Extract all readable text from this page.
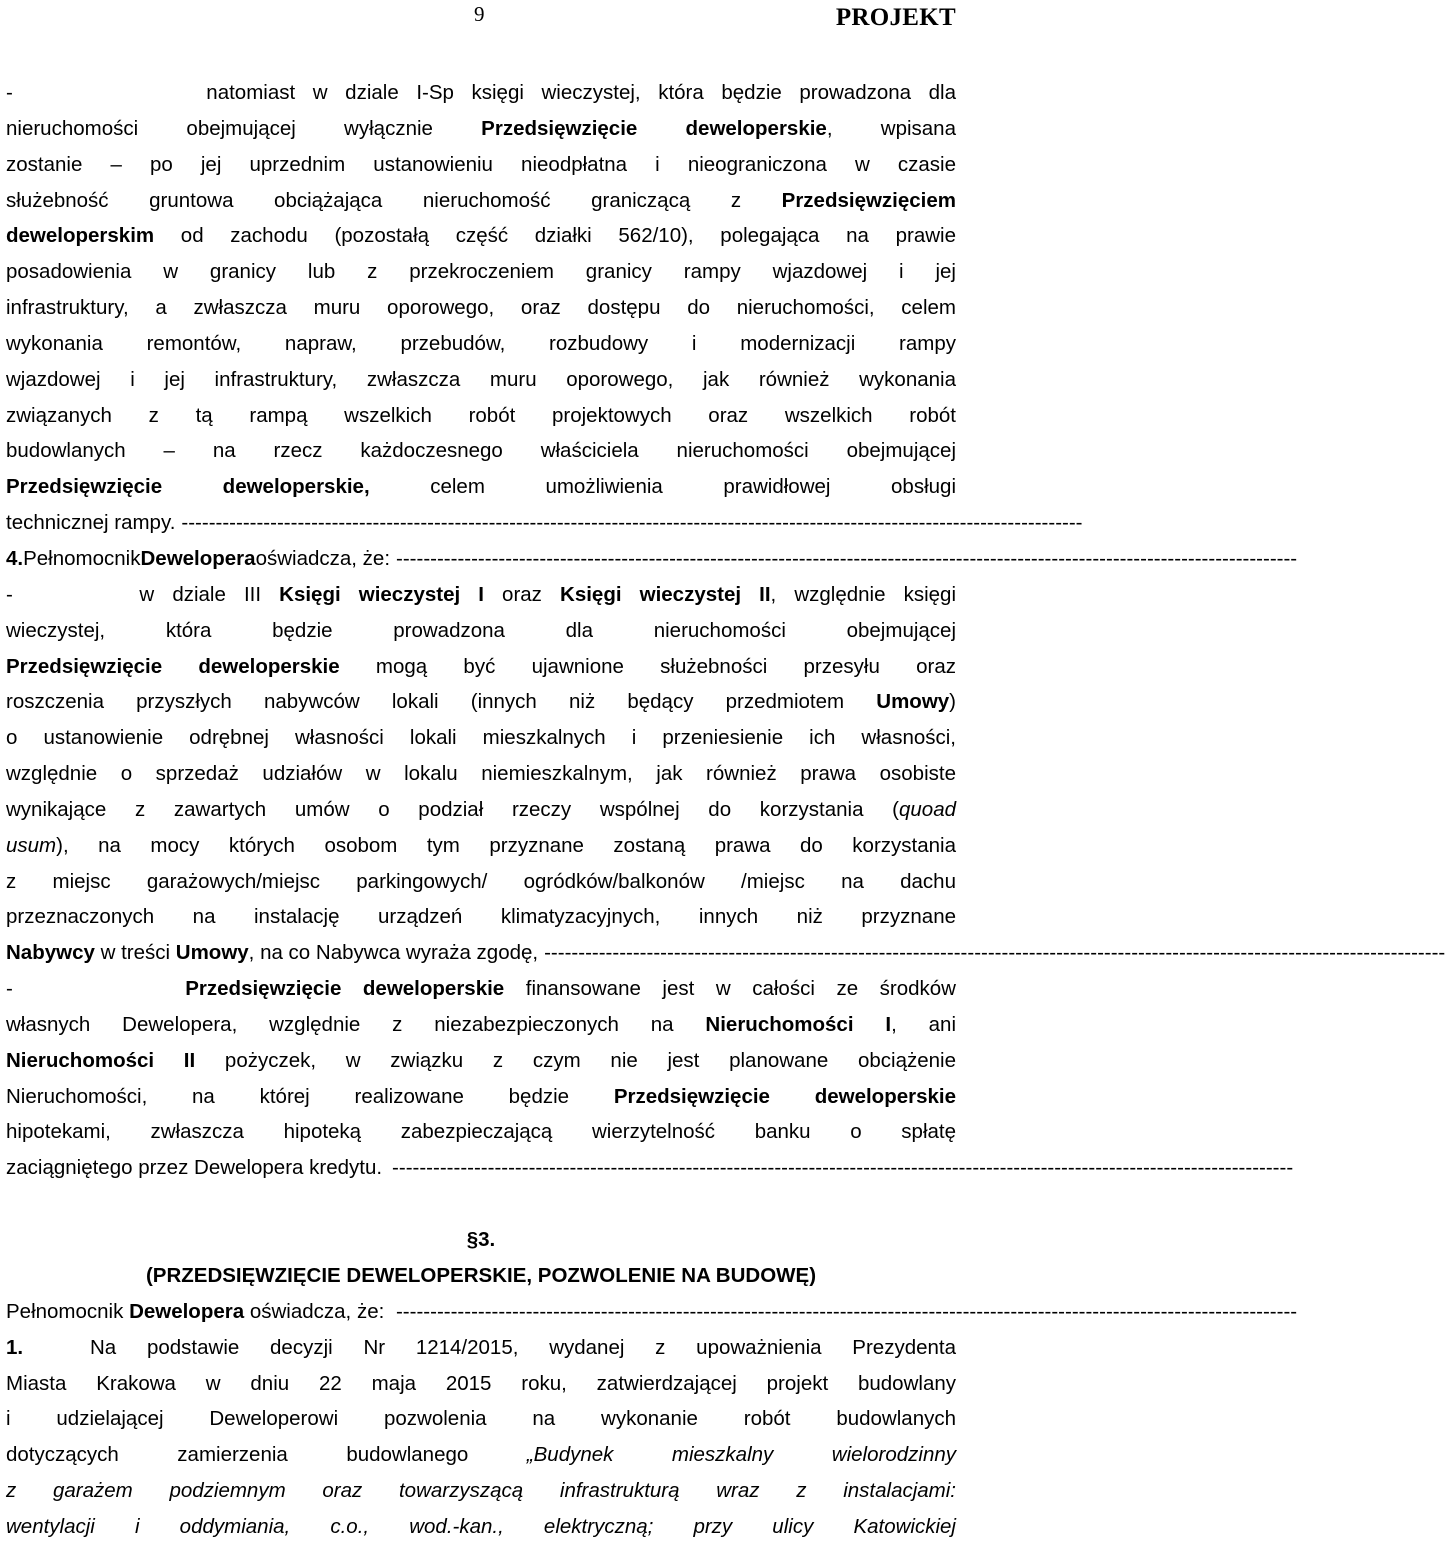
9	PROJEKT
-           natomiast w dziale I-Sp księgi wieczystej, która będzie prowadzona dla
nieruchomości obejmującej wyłącznie Przedsięwzięcie deweloperskie, wpisana
zostanie – po jej uprzednim ustanowieniu nieodpłatna i nieograniczona w czasie
służebność gruntowa obciążająca nieruchomość graniczącą z Przedsięwzięciem
deweloperskim od zachodu (pozostałą część działki 562/10), polegająca na prawie
posadowienia w granicy lub z przekroczeniem granicy rampy wjazdowej i jej
infrastruktury, a zwłaszcza muru oporowego, oraz dostępu do nieruchomości, celem
wykonania remontów, napraw, przebudów, rozbudowy i modernizacji rampy
wjazdowej i jej infrastruktury, zwłaszcza muru oporowego, jak również wykonania
związanych z tą rampą wszelkich robót projektowych oraz wszelkich robót
budowlanych – na rzecz każdoczesnego właściciela nieruchomości obejmującej
Przedsięwzięcie deweloperskie, celem umożliwienia prawidłowej obsługi
technicznej rampy. ------------------------------------------------------------------------------------------------------------------------------------
4. Pełnomocnik Dewelopera oświadcza, że: ------------------------------------------------------------------------------------------------------------------------------------
-       w dziale III Księgi wieczystej I oraz Księgi wieczystej II, względnie księgi
wieczystej, która będzie prowadzona dla nieruchomości obejmującej
Przedsięwzięcie deweloperskie mogą być ujawnione służebności przesyłu oraz
roszczenia przyszłych nabywców lokali (innych niż będący przedmiotem Umowy)
o ustanowienie odrębnej własności lokali mieszkalnych i przeniesienie ich własności,
względnie o sprzedaż udziałów w lokalu niemieszkalnym, jak również prawa osobiste
wynikające z zawartych umów o podział rzeczy wspólnej do korzystania (quoad
usum), na mocy których osobom tym przyznane zostaną prawa do korzystania
z miejsc garażowych/miejsc parkingowych/ ogródków/balkonów /miejsc na dachu
przeznaczonych na instalację urządzeń klimatyzacyjnych, innych niż przyznane
Nabywcy w treści Umowy , na co Nabywca wyraża zgodę, ------------------------------------------------------------------------------------------------------------------------------------
-        Przedsięwzięcie deweloperskie finansowane jest w całości ze środków
własnych Dewelopera, względnie z niezabezpieczonych na Nieruchomości I, ani
Nieruchomości II pożyczek, w związku z czym nie jest planowane obciążenie
Nieruchomości, na której realizowane będzie Przedsięwzięcie deweloperskie
hipotekami, zwłaszcza hipoteką zabezpieczającą wierzytelność banku o spłatę
zaciągniętego przez Dewelopera kredytu. ------------------------------------------------------------------------------------------------------------------------------------
§3.
(PRZEDSIĘWZIĘCIE DEWELOPERSKIE, POZWOLENIE NA BUDOWĘ)
Pełnomocnik Dewelopera oświadcza, że: ------------------------------------------------------------------------------------------------------------------------------------
1.	Na podstawie decyzji Nr 1214/2015, wydanej z upoważnienia Prezydenta
Miasta Krakowa w dniu 22 maja 2015 roku, zatwierdzającej projekt budowlany
i udzielającej Deweloperowi pozwolenia na wykonanie robót budowlanych
dotyczących zamierzenia budowlanego „Budynek mieszkalny wielorodzinny
z garażem podziemnym oraz towarzyszącą infrastrukturą wraz z instalacjami:
wentylacji i oddymiania, c.o., wod.-kan., elektryczną; przy ulicy Katowickiej
